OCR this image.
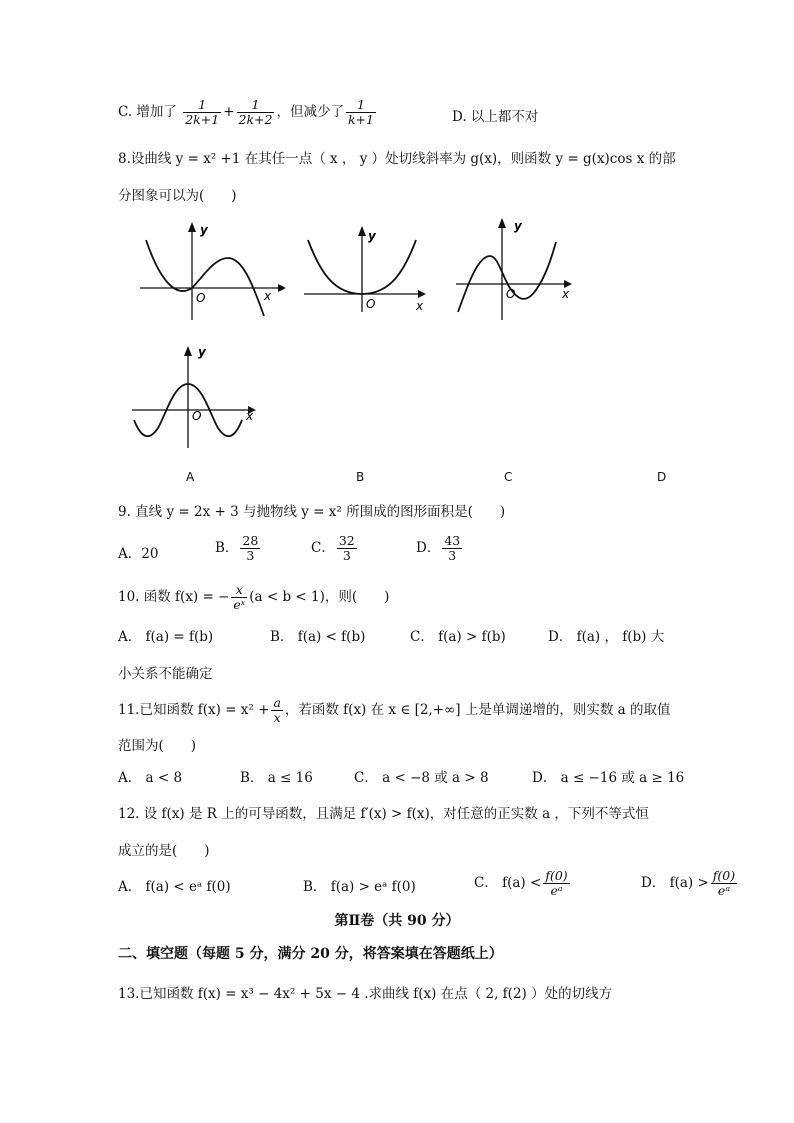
C. 增加了 $\frac{1}{2k+1} + \frac{1}{2k+2}$ ，但减少了 $\frac{1}{k+1}$	D. 以上都不对
8.设曲线 y = x² +1 在其任一点（ x ， y ）处切线斜率为 g(x)，则函数 y = g(x)cos x 的部
分图象可以为(　　)
y
O	x
y
O	x
y
O	x
y
O	x
A	B	C	D
9. 直线 y = 2x + 3 与抛物线 y = x² 所围成的图形面积是(　　)
A．20	B． $\frac{28}{3}$	C． $\frac{32}{3}$	D． $\frac{43}{3}$
10. 函数 f(x) = − $\frac{x}{\text{eˣ}} (a < b < 1)$，则(　　)
A． f(a) = f(b)	B． f(a) < f(b)	C． f(a) > f(b)	D． f(a) ， f(b) 大
小关系不能确定
11.已知函数 $f(x) = x^2 + \frac{a}{x}$ ，若函数 f(x) 在 x ∈ [2,+∞] 上是单调递增的，则实数 a 的取值
范围为(　　)
A． a < 8	B． a ≤ 16	C． a < −8 或 a > 8	D． a ≤ −16 或 a ≥ 16
12. 设 f(x) 是 R 上的可导函数，且满足 f′(x) > f(x)，对任意的正实数 a ，下列不等式恒
成立的是(　　)
A． f(a) < eᵃ f(0)	B． f(a) > eᵃ f(0)	C． $f(a) < \frac{f(0)}{\text{eᵃ}}$	D． $f(a) > \frac{f(0)}{\text{eᵃ}}$
第Ⅱ卷（共 90 分）
二、填空题（每题 5 分，满分 20 分，将答案填在答题纸上）
13.已知函数 f(x) = x³ − 4x² + 5x − 4 .求曲线 f(x) 在点（ 2, f(2) ）处的切线方
